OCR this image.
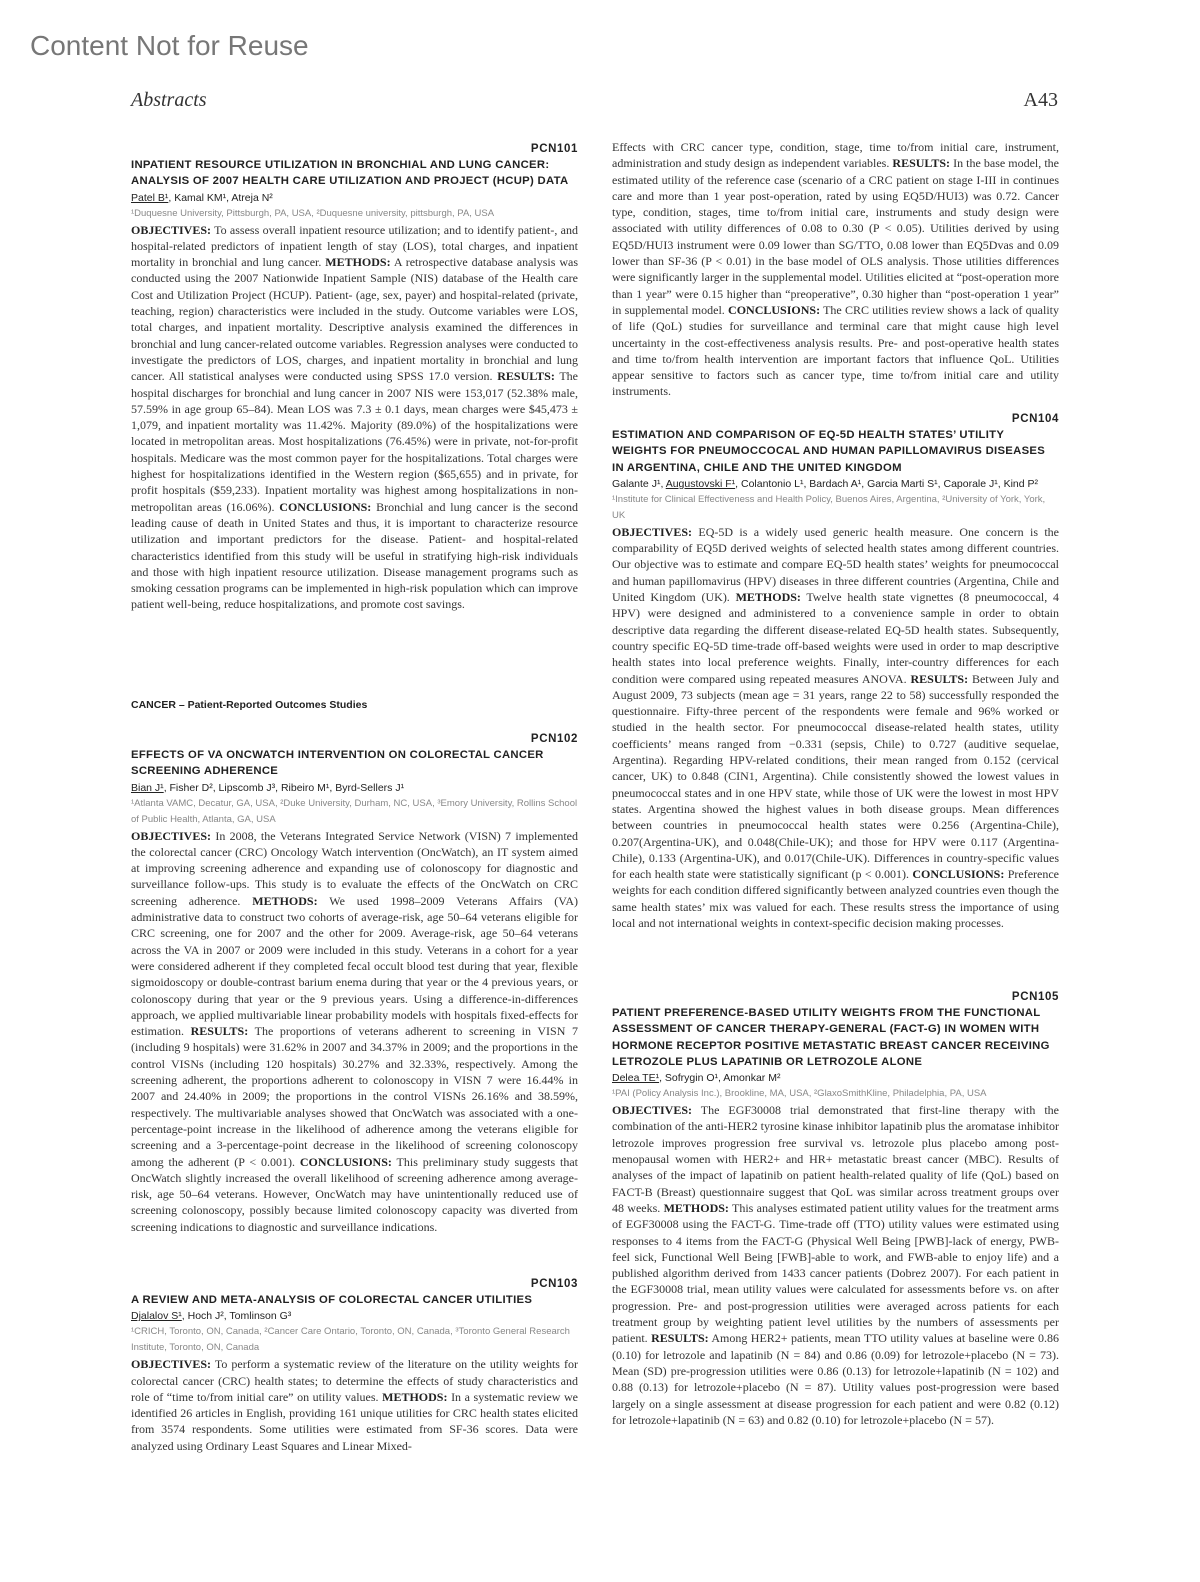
Content Not for Reuse
Abstracts	A43
PCN101
INPATIENT RESOURCE UTILIZATION IN BRONCHIAL AND LUNG CANCER: ANALYSIS OF 2007 HEALTH CARE UTILIZATION AND PROJECT (HCUP) DATA
Patel B¹, Kamal KM¹, Atreja N²
¹Duquesne University, Pittsburgh, PA, USA, ²Duquesne university, pittsburgh, PA, USA
OBJECTIVES: To assess overall inpatient resource utilization; and to identify patient-, and hospital-related predictors of inpatient length of stay (LOS), total charges, and inpatient mortality in bronchial and lung cancer. METHODS: A retrospective database analysis was conducted using the 2007 Nationwide Inpatient Sample (NIS) database of the Health care Cost and Utilization Project (HCUP). Patient- (age, sex, payer) and hospital-related (private, teaching, region) characteristics were included in the study. Outcome variables were LOS, total charges, and inpatient mortality. Descriptive analysis examined the differences in bronchial and lung cancer-related outcome variables. Regression analyses were conducted to investigate the predictors of LOS, charges, and inpatient mortality in bronchial and lung cancer. All statistical analyses were conducted using SPSS 17.0 version. RESULTS: The hospital discharges for bronchial and lung cancer in 2007 NIS were 153,017 (52.38% male, 57.59% in age group 65–84). Mean LOS was 7.3 ± 0.1 days, mean charges were $45,473 ± 1,079, and inpatient mortality was 11.42%. Majority (89.0%) of the hospitalizations were located in metropolitan areas. Most hospitalizations (76.45%) were in private, not-for-profit hospitals. Medicare was the most common payer for the hospitalizations. Total charges were highest for hospitalizations identified in the Western region ($65,655) and in private, for profit hospitals ($59,233). Inpatient mortality was highest among hospitalizations in non-metropolitan areas (16.06%). CONCLUSIONS: Bronchial and lung cancer is the second leading cause of death in United States and thus, it is important to characterize resource utilization and important predictors for the disease. Patient- and hospital-related characteristics identified from this study will be useful in stratifying high-risk individuals and those with high inpatient resource utilization. Disease management programs such as smoking cessation programs can be implemented in high-risk population which can improve patient well-being, reduce hospitalizations, and promote cost savings.
CANCER – Patient-Reported Outcomes Studies
PCN102
EFFECTS OF VA ONCWATCH INTERVENTION ON COLORECTAL CANCER SCREENING ADHERENCE
Bian J¹, Fisher D², Lipscomb J³, Ribeiro M¹, Byrd-Sellers J¹
¹Atlanta VAMC, Decatur, GA, USA, ²Duke University, Durham, NC, USA, ³Emory University, Rollins School of Public Health, Atlanta, GA, USA
OBJECTIVES: In 2008, the Veterans Integrated Service Network (VISN) 7 implemented the colorectal cancer (CRC) Oncology Watch intervention (OncWatch), an IT system aimed at improving screening adherence and expanding use of colonoscopy for diagnostic and surveillance follow-ups. This study is to evaluate the effects of the OncWatch on CRC screening adherence. METHODS: We used 1998–2009 Veterans Affairs (VA) administrative data to construct two cohorts of average-risk, age 50–64 veterans eligible for CRC screening, one for 2007 and the other for 2009. Average-risk, age 50–64 veterans across the VA in 2007 or 2009 were included in this study. Veterans in a cohort for a year were considered adherent if they completed fecal occult blood test during that year, flexible sigmoidoscopy or double-contrast barium enema during that year or the 4 previous years, or colonoscopy during that year or the 9 previous years. Using a difference-in-differences approach, we applied multivariable linear probability models with hospitals fixed-effects for estimation. RESULTS: The proportions of veterans adherent to screening in VISN 7 (including 9 hospitals) were 31.62% in 2007 and 34.37% in 2009; and the proportions in the control VISNs (including 120 hospitals) 30.27% and 32.33%, respectively. Among the screening adherent, the proportions adherent to colonoscopy in VISN 7 were 16.44% in 2007 and 24.40% in 2009; the proportions in the control VISNs 26.16% and 38.59%, respectively. The multivariable analyses showed that OncWatch was associated with a one-percentage-point increase in the likelihood of adherence among the veterans eligible for screening and a 3-percentage-point decrease in the likelihood of screening colonoscopy among the adherent (P < 0.001). CONCLUSIONS: This preliminary study suggests that OncWatch slightly increased the overall likelihood of screening adherence among average-risk, age 50–64 veterans. However, OncWatch may have unintentionally reduced use of screening colonoscopy, possibly because limited colonoscopy capacity was diverted from screening indications to diagnostic and surveillance indications.
PCN103
A REVIEW AND META-ANALYSIS OF COLORECTAL CANCER UTILITIES
Djalalov S¹, Hoch J², Tomlinson G³
¹CRICH, Toronto, ON, Canada, ²Cancer Care Ontario, Toronto, ON, Canada, ³Toronto General Research Institute, Toronto, ON, Canada
OBJECTIVES: To perform a systematic review of the literature on the utility weights for colorectal cancer (CRC) health states; to determine the effects of study characteristics and role of “time to/from initial care” on utility values. METHODS: In a systematic review we identified 26 articles in English, providing 161 unique utilities for CRC health states elicited from 3574 respondents. Some utilities were estimated from SF-36 scores. Data were analyzed using Ordinary Least Squares and Linear Mixed-
Effects with CRC cancer type, condition, stage, time to/from initial care, instrument, administration and study design as independent variables. RESULTS: In the base model, the estimated utility of the reference case (scenario of a CRC patient on stage I-III in continues care and more than 1 year post-operation, rated by using EQ5D/HUI3) was 0.72. Cancer type, condition, stages, time to/from initial care, instruments and study design were associated with utility differences of 0.08 to 0.30 (P < 0.05). Utilities derived by using EQ5D/HUI3 instrument were 0.09 lower than SG/TTO, 0.08 lower than EQ5Dvas and 0.09 lower than SF-36 (P < 0.01) in the base model of OLS analysis. Those utilities differences were significantly larger in the supplemental model. Utilities elicited at “post-operation more than 1 year” were 0.15 higher than “preoperative”, 0.30 higher than “post-operation 1 year” in supplemental model. CONCLUSIONS: The CRC utilities review shows a lack of quality of life (QoL) studies for surveillance and terminal care that might cause high level uncertainty in the cost-effectiveness analysis results. Pre- and post-operative health states and time to/from health intervention are important factors that influence QoL. Utilities appear sensitive to factors such as cancer type, time to/from initial care and utility instruments.
PCN104
ESTIMATION AND COMPARISON OF EQ-5D HEALTH STATES’ UTILITY WEIGHTS FOR PNEUMOCCOCAL AND HUMAN PAPILLOMAVIRUS DISEASES IN ARGENTINA, CHILE AND THE UNITED KINGDOM
Galante J¹, Augustovski F¹, Colantonio L¹, Bardach A¹, Garcia Marti S¹, Caporale J¹, Kind P²
¹Institute for Clinical Effectiveness and Health Policy, Buenos Aires, Argentina, ²University of York, York, UK
OBJECTIVES: EQ-5D is a widely used generic health measure. One concern is the comparability of EQ5D derived weights of selected health states among different countries. Our objective was to estimate and compare EQ-5D health states’ weights for pneumococcal and human papillomavirus (HPV) diseases in three different countries (Argentina, Chile and United Kingdom (UK). METHODS: Twelve health state vignettes (8 pneumococcal, 4 HPV) were designed and administered to a convenience sample in order to obtain descriptive data regarding the different disease-related EQ-5D health states. Subsequently, country specific EQ-5D time-trade off-based weights were used in order to map descriptive health states into local preference weights. Finally, inter-country differences for each condition were compared using repeated measures ANOVA. RESULTS: Between July and August 2009, 73 subjects (mean age = 31 years, range 22 to 58) successfully responded the questionnaire. Fifty-three percent of the respondents were female and 96% worked or studied in the health sector. For pneumococcal disease-related health states, utility coefficients’ means ranged from −0.331 (sepsis, Chile) to 0.727 (auditive sequelae, Argentina). Regarding HPV-related conditions, their mean ranged from 0.152 (cervical cancer, UK) to 0.848 (CIN1, Argentina). Chile consistently showed the lowest values in pneumococcal states and in one HPV state, while those of UK were the lowest in most HPV states. Argentina showed the highest values in both disease groups. Mean differences between countries in pneumococcal health states were 0.256 (Argentina-Chile), 0.207(Argentina-UK), and 0.048(Chile-UK); and those for HPV were 0.117 (Argentina-Chile), 0.133 (Argentina-UK), and 0.017(Chile-UK). Differences in country-specific values for each health state were statistically significant (p < 0.001). CONCLUSIONS: Preference weights for each condition differed significantly between analyzed countries even though the same health states’ mix was valued for each. These results stress the importance of using local and not international weights in context-specific decision making processes.
PCN105
PATIENT PREFERENCE-BASED UTILITY WEIGHTS FROM THE FUNCTIONAL ASSESSMENT OF CANCER THERAPY-GENERAL (FACT-G) IN WOMEN WITH HORMONE RECEPTOR POSITIVE METASTATIC BREAST CANCER RECEIVING LETROZOLE PLUS LAPATINIB OR LETROZOLE ALONE
Delea TE¹, Sofrygin O¹, Amonkar M²
¹PAI (Policy Analysis Inc.), Brookline, MA, USA, ²GlaxoSmithKline, Philadelphia, PA, USA
OBJECTIVES: The EGF30008 trial demonstrated that first-line therapy with the combination of the anti-HER2 tyrosine kinase inhibitor lapatinib plus the aromatase inhibitor letrozole improves progression free survival vs. letrozole plus placebo among post-menopausal women with HER2+ and HR+ metastatic breast cancer (MBC). Results of analyses of the impact of lapatinib on patient health-related quality of life (QoL) based on FACT-B (Breast) questionnaire suggest that QoL was similar across treatment groups over 48 weeks. METHODS: This analyses estimated patient utility values for the treatment arms of EGF30008 using the FACT-G. Time-trade off (TTO) utility values were estimated using responses to 4 items from the FACT-G (Physical Well Being [PWB]-lack of energy, PWB-feel sick, Functional Well Being [FWB]-able to work, and FWB-able to enjoy life) and a published algorithm derived from 1433 cancer patients (Dobrez 2007). For each patient in the EGF30008 trial, mean utility values were calculated for assessments before vs. on after progression. Pre- and post-progression utilities were averaged across patients for each treatment group by weighting patient level utilities by the numbers of assessments per patient. RESULTS: Among HER2+ patients, mean TTO utility values at baseline were 0.86 (0.10) for letrozole and lapatinib (N = 84) and 0.86 (0.09) for letrozole+placebo (N = 73). Mean (SD) pre-progression utilities were 0.86 (0.13) for letrozole+lapatinib (N = 102) and 0.88 (0.13) for letrozole+placebo (N = 87). Utility values post-progression were based largely on a single assessment at disease progression for each patient and were 0.82 (0.12) for letrozole+lapatinib (N = 63) and 0.82 (0.10) for letrozole+placebo (N = 57).
